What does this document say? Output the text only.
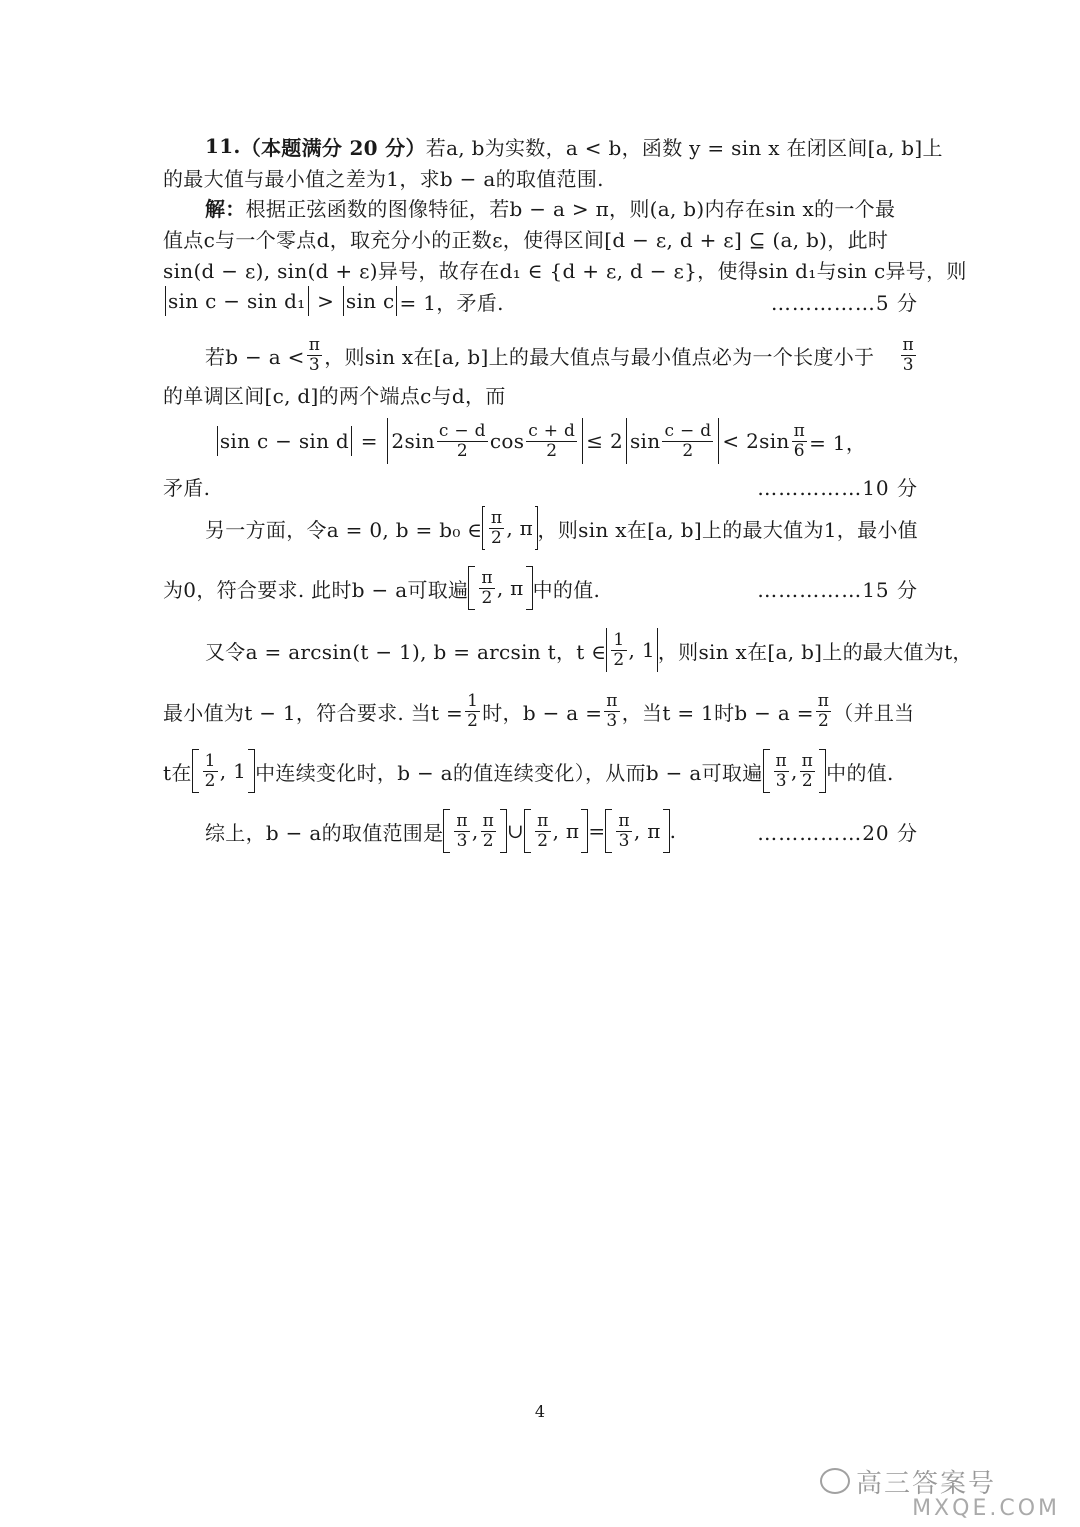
11. （本题满分 20 分） 若a, b为实数，a < b，函数 y = sin x 在闭区间[a, b]上
的最大值与最小值之差为1，求b − a的取值范围.
解： 根据正弦函数的图像特征，若b − a > π，则(a, b)内存在sin x的一个最
值点c与一个零点d，取充分小的正数ε，使得区间[d − ε, d + ε] ⊆ (a, b)，此时
sin(d − ε), sin(d + ε)异号，故存在d₁ ∈ {d + ε, d − ε}，使得sin d₁与sin c异号，则
sin c − sin d₁ > sin c = 1，矛盾.	……………5 分
若$b - a < \frac{\pi}{3}$ ，则sin x在[a, b]上的最大值点与最小值点必为一个长度小于 $\frac{\pi}{3}$
的单调区间[c, d]的两个端点c与d，而
$\sin c - \sin d = 2\sin \frac{c - d}{2}$ $\cos \frac{c + d}{2} \le 2$ $\sin \frac{c - d}{2} < 2\sin \frac{\pi}{6} = 1$，
矛盾.	……………10 分
另一方面，令a = 0, b = b₀ ∈ $\frac{\pi}{2}$ , π ，则sin x在[a, b]上的最大值为1，最小值
为0，符合要求. 此时b − a可取遍 $\frac{\pi}{2}$ , π 中的值.	……………15 分
又令a = arcsin(t − 1), b = arcsin t，t ∈ $\frac{1}{2}$ , 1 ，则sin x在[a, b]上的最大值为t，
最小值为t − 1，符合要求. 当$t = \frac{1}{2}$ 时，$b - a = \frac{\pi}{3}$ ，当t = 1时$b - a = \frac{\pi}{2}$ （并且当
t在 $\frac{1}{2}$ , 1 中连续变化时，b − a的值连续变化），从而b − a可取遍 $\frac{\pi}{3}$ , $\frac{\pi}{2}$ 中的值.
综上，b − a的取值范围是 $\frac{\pi}{3}$ , $\frac{\pi}{2}$ ∪ $\frac{\pi}{2}$ , $\pi = \frac{\pi}{3}$ , π .	……………20 分
4
高三答案号
MXQE.COM
